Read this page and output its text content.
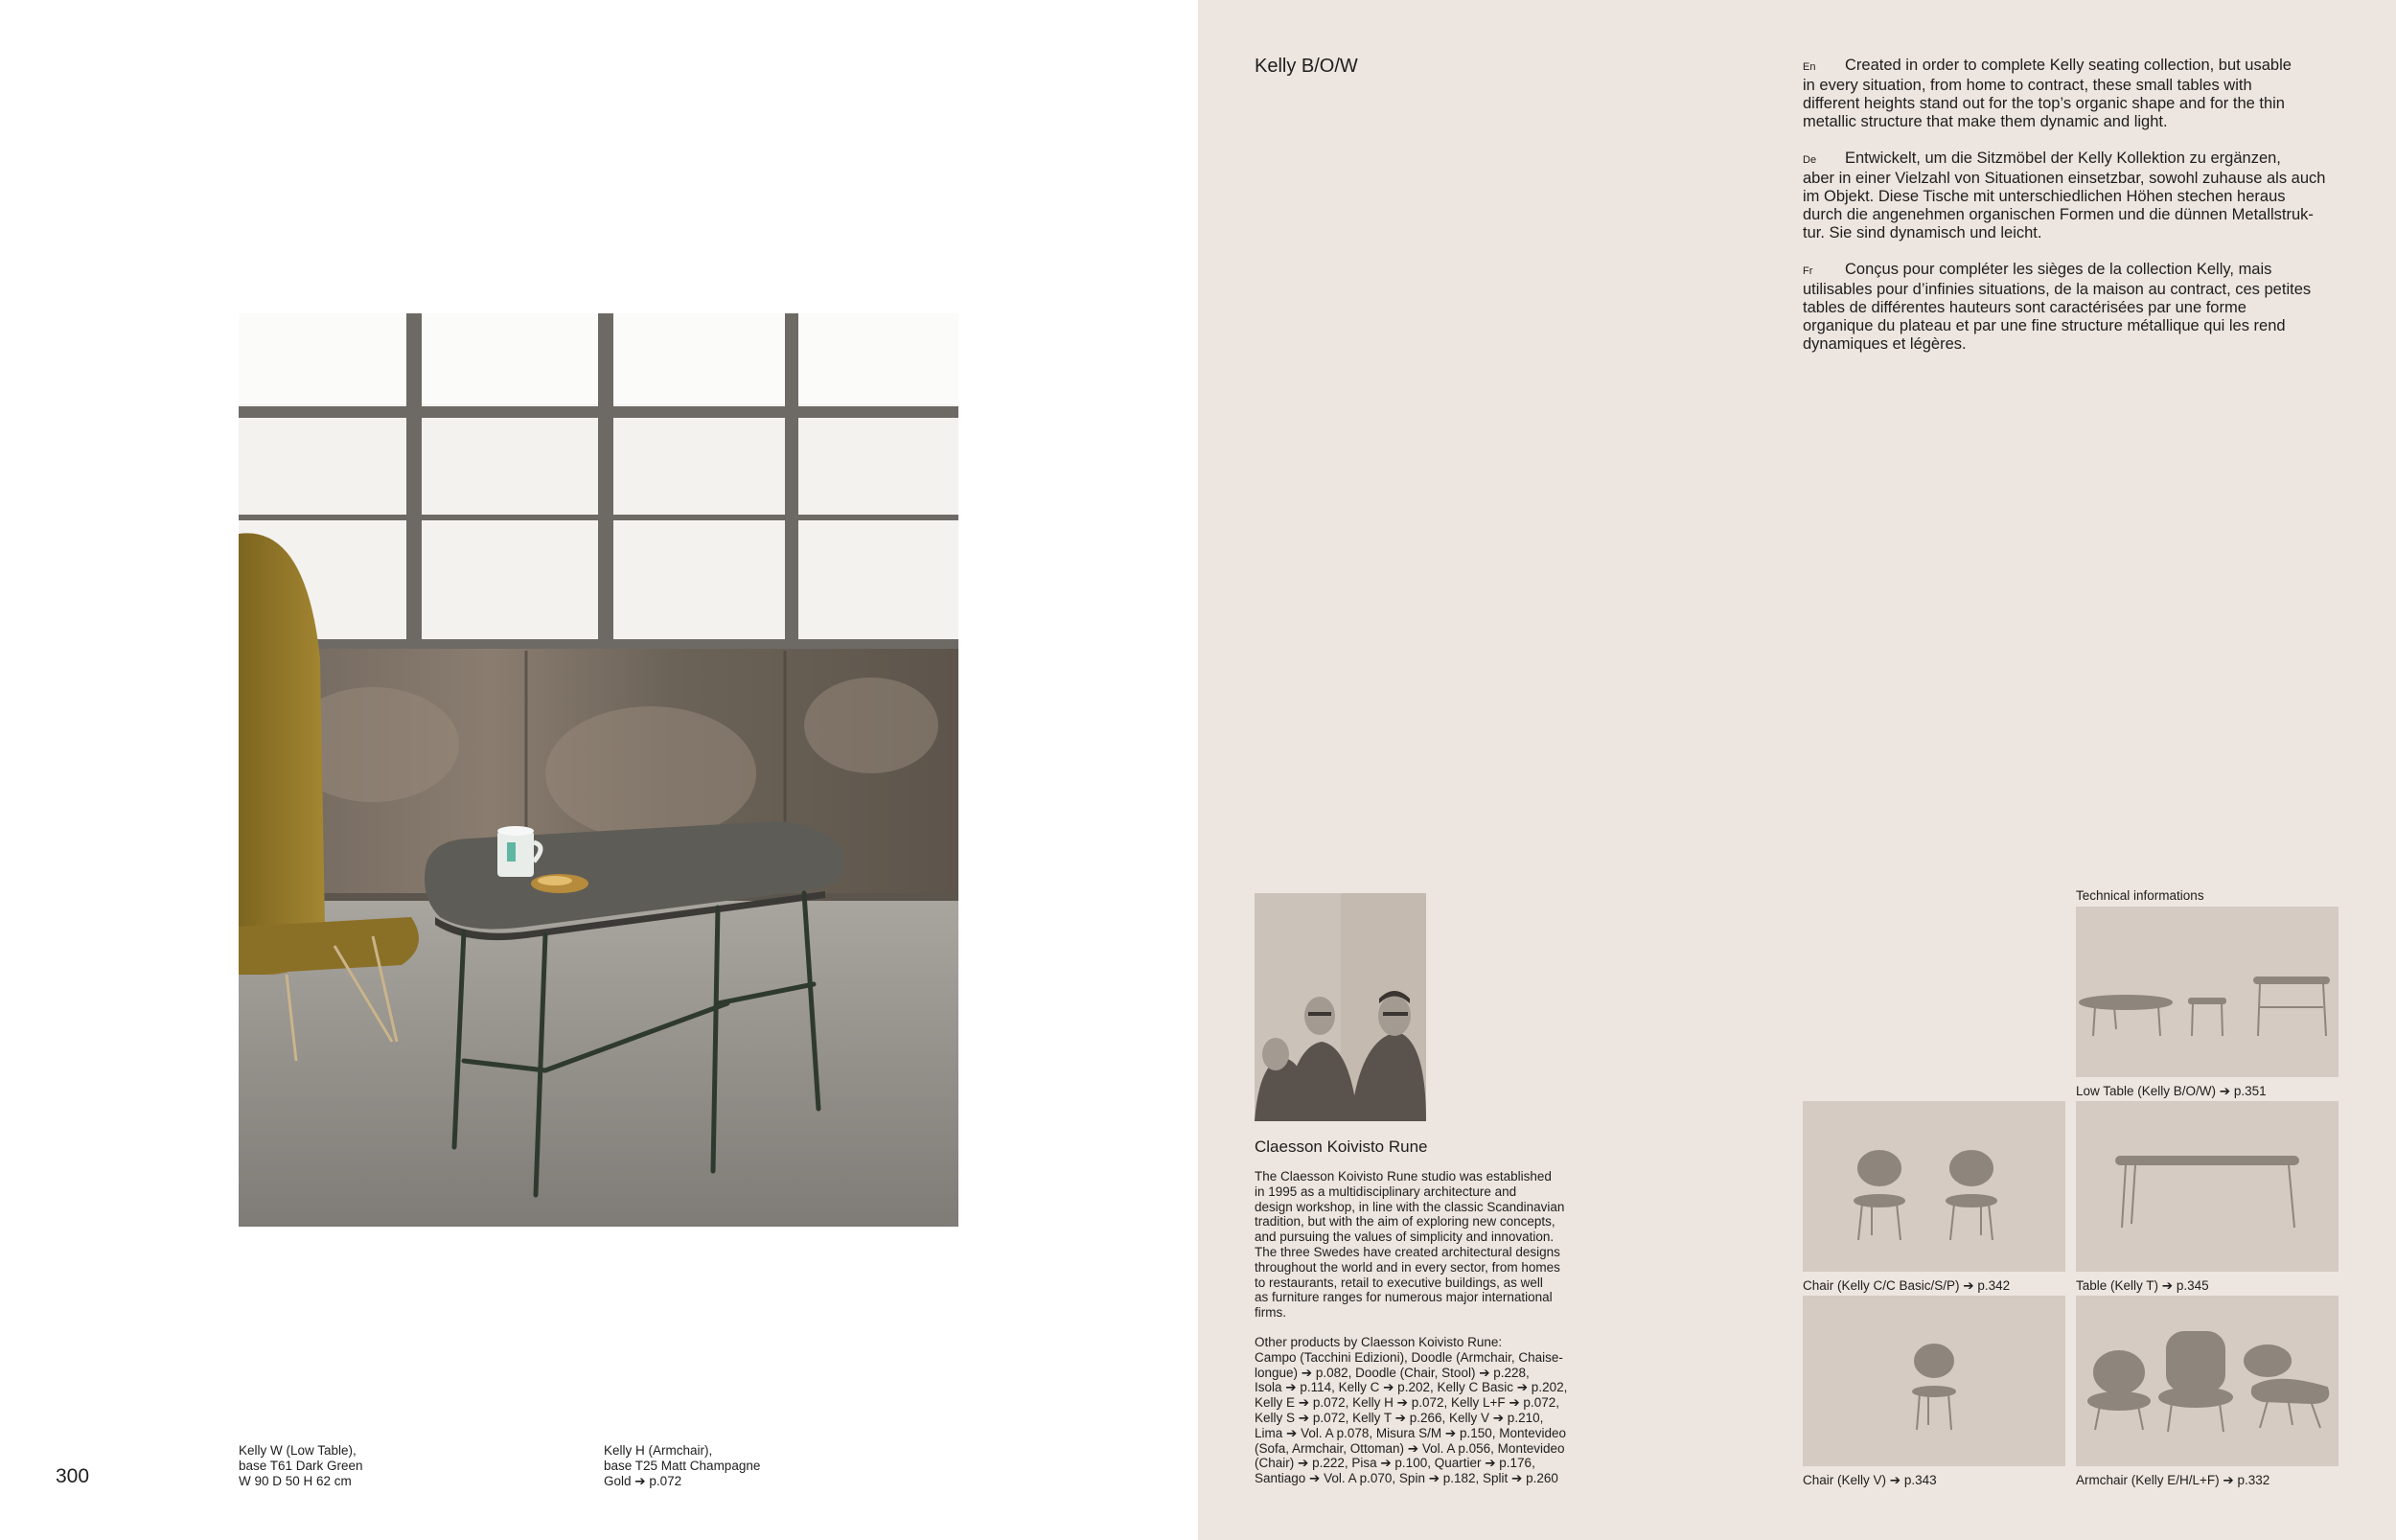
Kelly W (Low Table),
base T61 Dark Green
W 90 D 50 H 62 cm
Kelly H (Armchair),
base T25 Matt Champagne
Gold ➔ p.072
300
Kelly B/O/W	En Created in order to complete Kelly seating collection, but usable
in every situation, from home to contract, these small tables with
different heights stand out for the top’s organic shape and for the thin
metallic structure that make them dynamic and light.
De Entwickelt, um die Sitzmöbel der Kelly Kollektion zu ergänzen,
aber in einer Vielzahl von Situationen einsetzbar, sowohl zuhause als auch
im Objekt. Diese Tische mit unterschiedlichen Höhen stechen heraus
durch die angenehmen organischen Formen und die dünnen Metallstruk-
tur. Sie sind dynamisch und leicht.
Fr Conçus pour compléter les sièges de la collection Kelly, mais
utilisables pour d’infinies situations, de la maison au contract, ces petites
tables de différentes hauteurs sont caractérisées par une forme
organique du plateau et par une fine structure métallique qui les rend
dynamiques et légères.
Claesson Koivisto Rune
The Claesson Koivisto Rune studio was established
in 1995 as a multidisciplinary architecture and
design workshop, in line with the classic Scandinavian
tradition, but with the aim of exploring new concepts,
and pursuing the values of simplicity and innovation.
The three Swedes have created architectural designs
throughout the world and in every sector, from homes
to restaurants, retail to executive buildings, as well
as furniture ranges for numerous major international
firms.
Other products by Claesson Koivisto Rune:
Campo (Tacchini Edizioni), Doodle (Armchair, Chaise-
longue) ➔ p.082, Doodle (Chair, Stool) ➔ p.228,
Isola ➔ p.114, Kelly C ➔ p.202, Kelly C Basic ➔ p.202,
Kelly E ➔ p.072, Kelly H ➔ p.072, Kelly L+F ➔ p.072,
Kelly S ➔ p.072, Kelly T ➔ p.266, Kelly V ➔ p.210,
Lima ➔ Vol. A p.078, Misura S/M ➔ p.150, Montevideo
(Sofa, Armchair, Ottoman) ➔ Vol. A p.056, Montevideo
(Chair) ➔ p.222, Pisa ➔ p.100, Quartier ➔ p.176,
Santiago ➔ Vol. A p.070, Spin ➔ p.182, Split ➔ p.260
Technical informations
Low Table (Kelly B/O/W) ➔ p.351
Chair (Kelly C/C Basic/S/P) ➔ p.342	Table (Kelly T) ➔ p.345
Chair (Kelly V) ➔ p.343	Armchair (Kelly E/H/L+F) ➔ p.332
